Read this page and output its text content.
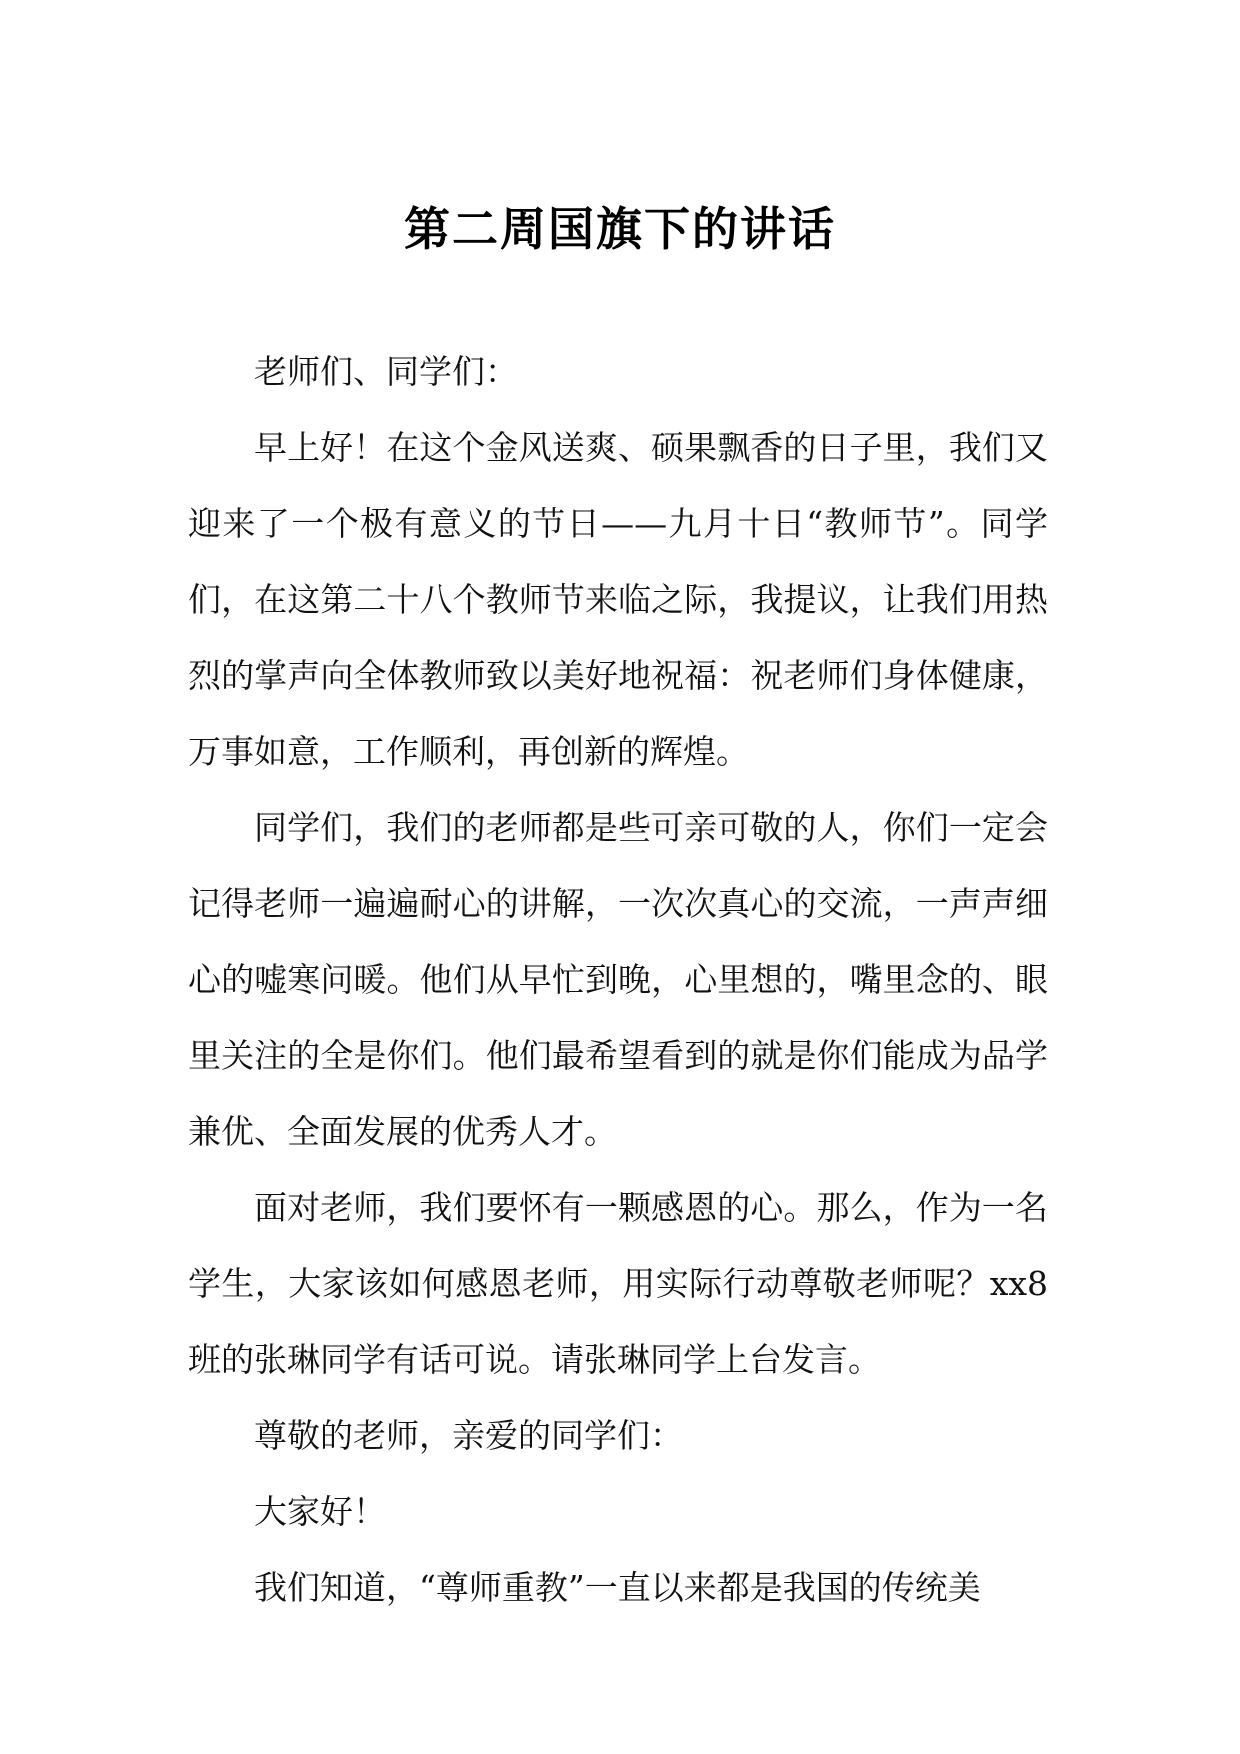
第二周国旗下的讲话

老师们、同学们：

早上好！在这个金风送爽、硕果飘香的日子里，我们又迎来了一个极有意义的节日——九月十日“教师节”。同学们，在这第二十八个教师节来临之际，我提议，让我们用热烈的掌声向全体教师致以美好地祝福：祝老师们身体健康，万事如意，工作顺利，再创新的辉煌。

同学们，我们的老师都是些可亲可敬的人，你们一定会记得老师一遍遍耐心的讲解，一次次真心的交流，一声声细心的嘘寒问暖。他们从早忙到晚，心里想的，嘴里念的、眼里关注的全是你们。他们最希望看到的就是你们能成为品学兼优、全面发展的优秀人才。

面对老师，我们要怀有一颗感恩的心。那么，作为一名学生，大家该如何感恩老师，用实际行动尊敬老师呢？xx8班的张琳同学有话可说。请张琳同学上台发言。

尊敬的老师，亲爱的同学们：

大家好！

我们知道，“尊师重教”一直以来都是我国的传统美
